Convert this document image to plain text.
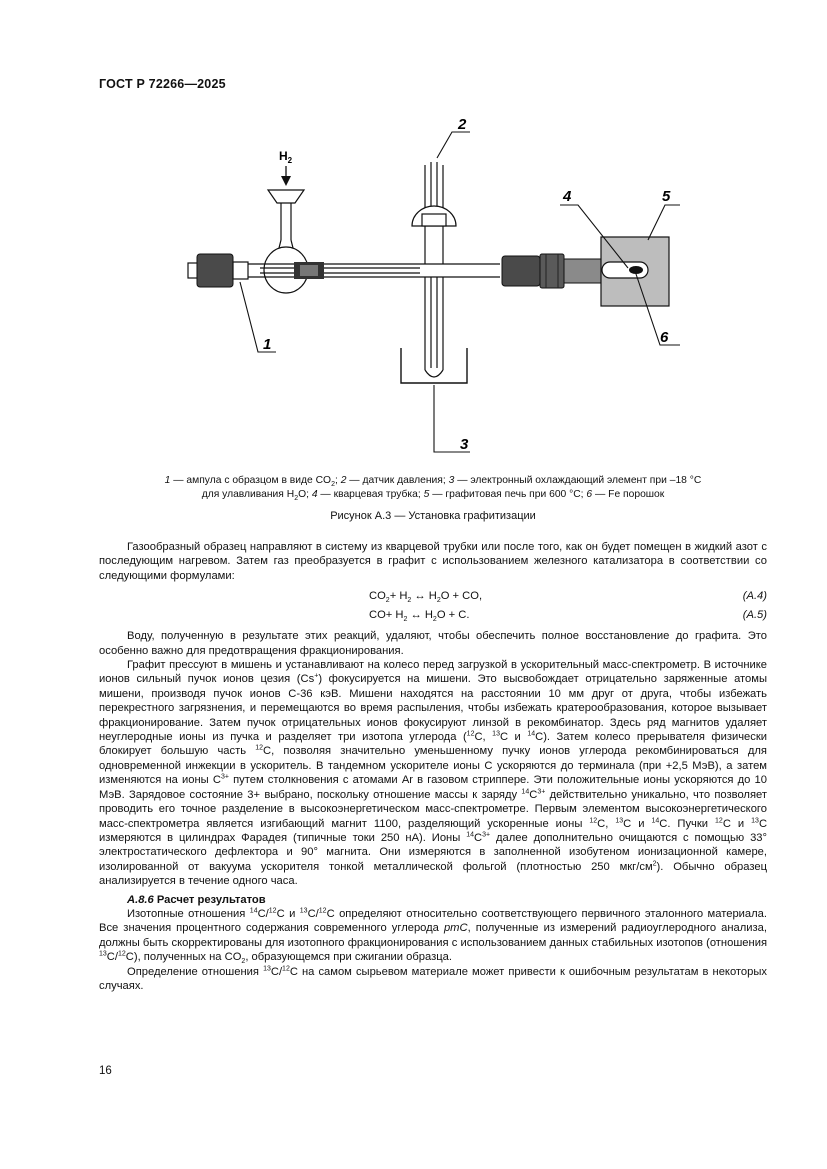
ГОСТ Р 72266—2025
$H_2$
1
2
3
4	5
6
1 — ампула с образцом в виде $CO_2$; 2 — датчик давления; 3 — электронный охлаждающий элемент при –18 °С
для улавливания $H_2O$; 4 — кварцевая трубка; 5 — графитовая печь при 600 °С; 6 — Fe порошок
Рисунок А.3 — Установка графитизации

Газообразный образец направляют в систему из кварцевой трубки или после того, как он будет помещен в жидкий азот с последующим нагревом. Затем газ преобразуется в графит с использованием железного катализатора в соответствии со следующими формулами:

$CO_2+ H_2$ ↔ $H_2O$ + CO,	(A.4)
$CO+ H_2$ ↔ $H_2O + C$.	(A.5)

Воду, полученную в результате этих реакций, удаляют, чтобы обеспечить полное восстановление до графита. Это особенно важно для предотвращения фракционирования.

Графит прессуют в мишень и устанавливают на колесо перед загрузкой в ускорительный масс-спектрометр. В источнике ионов сильный пучок ионов цезия (Cs+) фокусируется на мишени. Это высвобождает отрицательно заряженные атомы мишени, производя пучок ионов С-36 кэВ. Мишени находятся на расстоянии 10 мм друг от друга, чтобы избежать перекрестного загрязнения, и перемещаются во время распыления, чтобы избежать кратерообразования, которое вызывает фракционирование. Затем пучок отрицательных ионов фокусируют линзой в рекомбинатор. Здесь ряд магнитов удаляет неуглеродные ионы из пучка и разделяет три изотопа углерода ($^{12}$C, $^{13}$C и $^{14}$C). Затем колесо прерывателя физически блокирует большую часть $^{12}$C, позволяя значительно уменьшенному пучку ионов углерода рекомбинироваться для одновременной инжекции в ускоритель. В тандемном ускорителе ионы С ускоряются до терминала (при +2,5 МэВ), а затем изменяются на ионы $С^{3+}$ путем столкновения с атомами Ar в газовом стриппере. Эти положительные ионы ускоряются до 10 МэВ. Зарядовое состояние 3+ выбрано, поскольку отношение массы к заряду $^{14}C^{3+}$ действительно уникально, что позволяет проводить его точное разделение в высокоэнергетическом масс-спектрометре. Первым элементом высокоэнергетического масс-спектрометра является изгибающий магнит 1100, разделяющий ускоренные ионы $^{12}$C, $^{13}$C и $^{14}$C. Пучки $^{12}$C и $^{13}$C измеряются в цилиндрах Фарадея (типичные токи 250 нА). Ионы $^{14}C^{3+}$ далее дополнительно очищаются с помощью 33° электростатического дефлектора и 90° магнита. Они измеряются в заполненной изобутеном ионизационной камере, изолированной от вакуума ускорителя тонкой металлической фольгой (плотностью 250 мкг/$см^2$). Обычно образец анализируется в течение одного часа.

A.8.6 Расчет результатов

Изотопные отношения $^{14}$C/$^{12}$C и $^{13}$C/$^{12}$C определяют относительно соответствующего первичного эталонного материала. Все значения процентного содержания современного углерода pmC, полученные из измерений радиоуглеродного анализа, должны быть скорректированы для изотопного фракционирования с использованием данных стабильных изотопов (отношения $^{13}$C/$^{12}$C), полученных на $CO_2$, образующемся при сжигании образца.

Определение отношения $^{13}$C/$^{12}$C на самом сырьевом материале может привести к ошибочным результатам в некоторых случаях.

16
